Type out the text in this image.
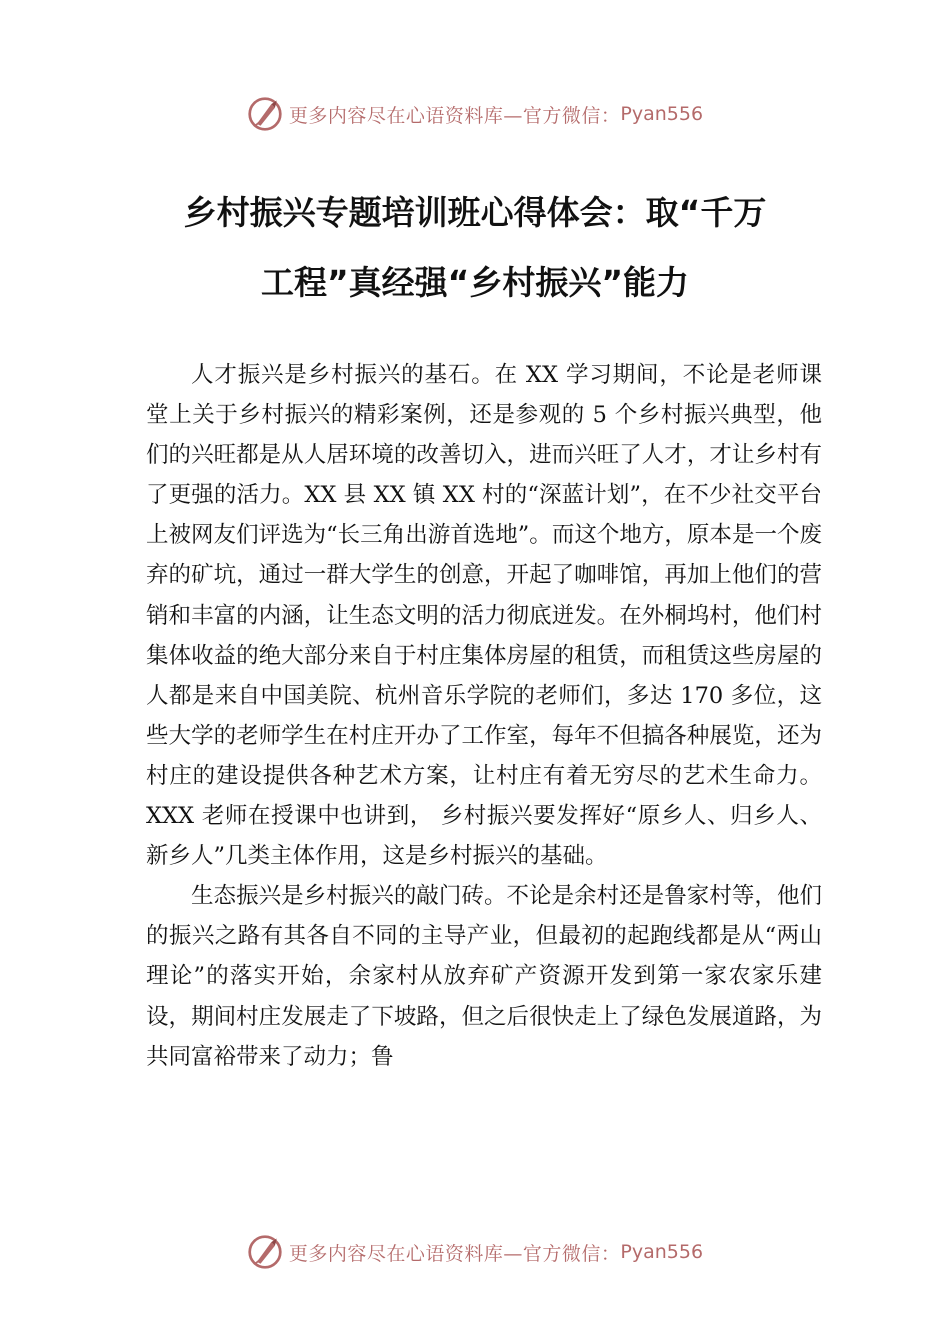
更多内容尽在心语资料库—官方微信： Pyan556
乡村振兴专题培训班心得体会：取“千万
工程”真经强“乡村振兴”能力

人才振兴是乡村振兴的基石。在 XX 学习期间，不论是老师课堂上关于乡村振兴的精彩案例，还是参观的 5 个乡村振兴典型，他们的兴旺都是从人居环境的改善切入，进而兴旺了人才，才让乡村有了更强的活力。XX 县 XX 镇 XX 村的“深蓝计划”，在不少社交平台上被网友们评选为“长三角出游首选地”。而这个地方，原本是一个废弃的矿坑，通过一群大学生的创意，开起了咖啡馆，再加上他们的营销和丰富的内涵，让生态文明的活力彻底迸发。在外桐坞村，他们村集体收益的绝大部分来自于村庄集体房屋的租赁，而租赁这些房屋的人都是来自中国美院、杭州音乐学院的老师们，多达 170 多位，这些大学的老师学生在村庄开办了工作室，每年不但搞各种展览，还为村庄的建设提供各种艺术方案，让村庄有着无穷尽的艺术生命力。XXX 老师在授课中也讲到， 乡村振兴要发挥好“原乡人、归乡人、新乡人”几类主体作用，这是乡村振兴的基础。

生态振兴是乡村振兴的敲门砖。不论是余村还是鲁家村等，他们的振兴之路有其各自不同的主导产业，但最初的起跑线都是从“两山理论”的落实开始，余家村从放弃矿产资源开发到第一家农家乐建设，期间村庄发展走了下坡路，但之后很快走上了绿色发展道路，为共同富裕带来了动力；鲁

更多内容尽在心语资料库—官方微信： Pyan556
